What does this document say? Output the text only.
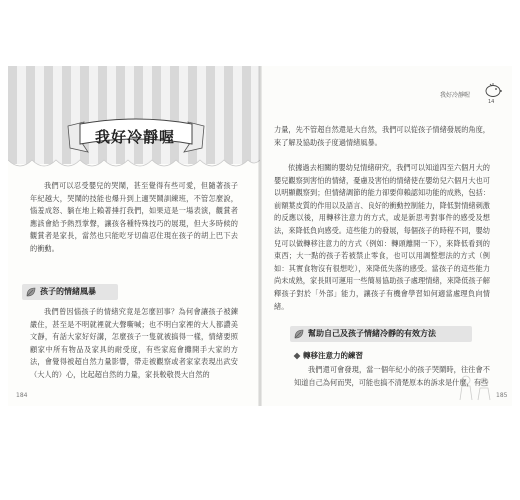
我好冷靜喔
我們可以忍受嬰兒的哭鬧，甚至覺得有些可愛，但隨著孩子年紀越大，哭鬧的技能也爆升到上適哭鬧訓練班，不管怎麼說，惱羞成怒、躺在地上賴著捶打我們，如果這是一場表演，觀賞者應該會給予熱烈掌聲，讓孩各種特殊技巧的展現，但大多時候的觀賞者是家長，當然也只能吃牙切齒忍住現在孩子的胡上巴下去的衝動。
孩子的情緒風暴
我們曾因惱孩子的情緒究竟是怎麼回事？為何會讓孩子被鍊嚴住，甚至是不明就裡就大聲嘶喊；也不明白家裡的大人都讚美文靜，有話大家好好講，怎麼孩子一隻就被搞得一樣，情緒要照顧家中所有物品及家具的耐受度，有些家庭會攤開手大家的方法，會覺得被超自然力量影響，帶走被觀察或者家家表現出武安（大人的）心，比起超自然的力量，家長較敬畏大自然的
184
我好冷靜喔
14
力量，先不管超自然還是大自然，我們可以從孩子情緒發展的角度，來了解及協助孩子度過情緒風暴。
依據過去相關的嬰幼兒情緒研究，我們可以知道四至六個月大的嬰兒觀察到害怕的情緒，憂慮及害怕的情緒使在嬰幼兒六個月大也可以明顯觀察到；但情緒調節的能力卻要仰賴認知功能的成熟，包括：前額葉皮質的作用以及語言、良好的衝動控制能力，降低對情緒刺激的反應以後，用轉移注意力的方式，或是新思考對事件的感受及想法，來降低負向感受。這些能力的發展，每個孩子的時程不同，嬰幼兒可以做轉移注意力的方式（例如：轉頭離開一下），來降低看到的東西；大一點的孩子若被禁止零食，也可以用調整想法的方式（例如：其實食物沒有很想吃），來降低失落的感受。當孩子的這些能力尚未成熟，家長則可運用一些簡易協助孩子處理情緒，來降低孩子解釋孩子對於「外部」能力，讓孩子有機會學習如何適當處理負向情緒。
幫助自己及孩子情緒冷靜的有效方法
轉移注意力的練習
我們還可會發現，當一個年紀小的孩子哭鬧時，往往會不知道自己為何而哭，可能也搞不清楚原本的訴求是什麼，有些
185
